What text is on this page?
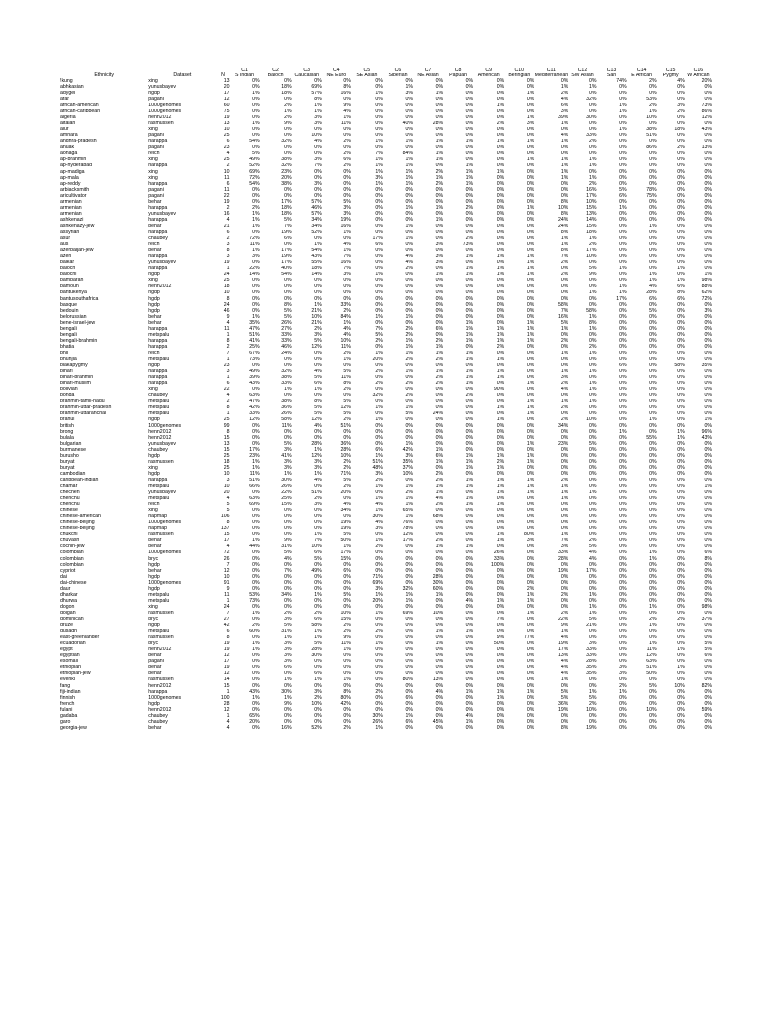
Ethnicity	Dataset	N	C1	C2	C3	C4	C5	C6	C7	C8	C9	C10	C11	C12	C13	C14	C15	C16
			S Indian	Baloch	Caucasian	NE Euro	SE Asian	Siberian	NE Asian	Papuan	American	Beringian	Mediterranean	SW Asian	San	E African	Pygmy	W African
!kung	xing	13	0%	0%	0%	0%	0%	0%	0%	0%	0%	0%	0%	0%	74%	2%	4%	20%
abhkasian	yunusbayev	20	0%	18%	69%	8%	0%	1%	0%	0%	0%	0%	1%	1%	0%	0%	0%	0%
adygei	hgdp	17	1%	18%	57%	16%	1%	3%	1%	0%	0%	1%	2%	0%	0%	0%	0%	0%
afar	pagani	12	0%	0%	8%	0%	0%	0%	0%	0%	0%	0%	4%	32%	0%	53%	0%	0%
african-american	1000genomes	60	0%	2%	1%	9%	0%	0%	0%	0%	1%	0%	6%	0%	1%	2%	3%	73%
african-caribbean	1000genomes	75	0%	1%	1%	4%	0%	0%	0%	0%	0%	0%	3%	0%	1%	1%	2%	86%
algeria	henn2012	19	0%	2%	3%	1%	0%	0%	0%	0%	0%	1%	39%	30%	0%	10%	0%	12%
altaian	rasmussen	13	1%	9%	3%	11%	0%	40%	28%	0%	2%	3%	1%	0%	0%	0%	0%	0%
alur	xing	10	0%	0%	0%	0%	0%	0%	0%	0%	0%	0%	0%	0%	1%	38%	18%	43%
amhara	pagani	25	0%	0%	10%	0%	0%	0%	0%	0%	0%	0%	4%	33%	0%	51%	0%	0%
andhra-pradesh	harappa	6	54%	32%	4%	2%	1%	1%	1%	1%	1%	1%	1%	2%	0%	0%	0%	0%
anuak	pagani	23	0%	0%	0%	0%	0%	0%	0%	0%	0%	0%	0%	0%	0%	86%	2%	13%
aonaga	reich	4	5%	0%	0%	2%	7%	84%	1%	0%	0%	0%	0%	0%	0%	0%	0%	0%
ap-brahmin	xing	25	49%	38%	3%	6%	1%	1%	1%	0%	0%	1%	1%	1%	0%	0%	0%	0%
ap-hyderabad	harappa	2	52%	32%	7%	2%	1%	1%	0%	1%	0%	0%	1%	1%	0%	0%	0%	0%
ap-madiga	xing	10	69%	23%	0%	0%	1%	1%	2%	1%	1%	0%	1%	0%	0%	0%	0%	0%
ap-mala	xing	11	72%	20%	0%	0%	3%	1%	1%	1%	0%	0%	1%	1%	0%	0%	0%	0%
ap-reddy	harappa	6	54%	38%	3%	0%	1%	1%	2%	1%	0%	0%	0%	2%	0%	0%	0%	0%
arbiacksmith	pagani	11	0%	0%	0%	0%	0%	0%	0%	0%	0%	0%	0%	16%	5%	78%	0%	0%
aricultivator	pagani	22	0%	0%	0%	0%	0%	0%	0%	0%	0%	0%	0%	17%	6%	75%	0%	0%
armenian	behar	19	0%	17%	57%	5%	0%	0%	0%	0%	0%	0%	8%	10%	0%	0%	0%	0%
armenian	harappa	2	2%	18%	46%	3%	0%	1%	1%	2%	0%	1%	10%	15%	1%	0%	0%	0%
armenian	yunusbayev	16	1%	18%	57%	3%	0%	0%	0%	0%	0%	0%	8%	13%	0%	0%	0%	0%
ashkenazi	harappa	4	1%	5%	34%	19%	0%	0%	1%	0%	0%	0%	24%	14%	0%	0%	0%	0%
ashkenazy-jew	behar	21	1%	7%	34%	16%	0%	1%	0%	0%	0%	0%	24%	15%	0%	1%	0%	0%
assyrian	harappa	6	0%	19%	52%	1%	0%	0%	0%	0%	0%	0%	8%	18%	0%	0%	0%	0%
asur	chaubey	2	72%	6%	0%	0%	17%	1%	0%	2%	0%	0%	1%	1%	0%	0%	0%	0%
aus	reich	3	11%	0%	1%	4%	6%	0%	3%	73%	0%	0%	1%	2%	0%	0%	0%	0%
azerbaijan-jew	behar	8	1%	17%	54%	1%	0%	0%	0%	0%	0%	0%	8%	17%	0%	0%	0%	0%
azeri	harappa	3	3%	19%	43%	7%	0%	4%	3%	1%	1%	1%	7%	10%	0%	0%	0%	0%
balkar	yunusbayev	19	0%	17%	55%	16%	0%	4%	3%	0%	0%	1%	2%	0%	0%	0%	0%	0%
baloch	harappa	1	22%	40%	18%	7%	0%	2%	0%	1%	1%	1%	0%	5%	1%	0%	1%	0%
balochi	hgdp	24	14%	54%	14%	3%	1%	0%	1%	1%	1%	1%	2%	9%	0%	1%	0%	1%
bambaran	xing	25	0%	0%	0%	0%	0%	0%	0%	0%	0%	0%	0%	0%	0%	1%	1%	98%
bamoun	henn2012	18	0%	0%	0%	0%	0%	0%	0%	0%	0%	0%	0%	0%	1%	4%	6%	88%
bantukenya	hgdp	10	0%	0%	0%	0%	0%	0%	0%	0%	0%	0%	0%	1%	1%	28%	8%	62%
bantusouthafrica	hgdp	8	0%	0%	0%	0%	0%	0%	0%	0%	0%	0%	0%	0%	17%	6%	6%	72%
basque	hgdp	24	0%	8%	1%	33%	0%	0%	0%	0%	0%	0%	58%	0%	0%	0%	0%	0%
bedouin	hgdp	46	0%	5%	21%	2%	0%	0%	0%	0%	0%	0%	7%	58%	0%	5%	0%	3%
belorussian	behar	9	1%	5%	10%	84%	1%	1%	0%	0%	0%	0%	16%	1%	0%	0%	0%	0%
bene-israel-jew	behar	4	35%	26%	21%	1%	0%	0%	0%	1%	0%	1%	5%	8%	0%	0%	0%	0%
bengali	harappa	11	47%	27%	2%	4%	7%	2%	6%	1%	1%	1%	1%	1%	0%	0%	0%	0%
bengali	metspalu	1	51%	33%	3%	4%	5%	2%	0%	1%	1%	1%	0%	0%	0%	0%	0%	0%
bengali-brahmin	harappa	8	41%	33%	5%	10%	2%	1%	2%	1%	1%	1%	2%	0%	0%	0%	0%	0%
bhatia	harappa	2	25%	46%	12%	11%	0%	1%	1%	0%	2%	0%	0%	2%	0%	0%	0%	0%
bhil	reich	7	67%	24%	0%	2%	1%	1%	1%	1%	0%	0%	1%	1%	0%	0%	0%	0%
bhunjia	metspalu	1	73%	0%	0%	1%	20%	2%	2%	1%	1%	0%	0%	0%	0%	0%	0%	0%
biakapygmy	hgdp	23	0%	0%	0%	0%	0%	0%	0%	0%	0%	0%	0%	0%	6%	0%	58%	35%
bihari	harappa	3	49%	32%	4%	5%	2%	1%	1%	1%	1%	0%	1%	1%	0%	0%	0%	0%
bihari-brahmin	harappa	1	39%	38%	5%	11%	0%	0%	2%	1%	1%	0%	3%	0%	0%	0%	0%	0%
bihari-muslim	harappa	6	43%	33%	6%	8%	2%	2%	2%	1%	0%	1%	2%	1%	0%	0%	0%	0%
bolivian	xing	22	0%	1%	1%	2%	0%	0%	0%	0%	90%	0%	4%	1%	0%	0%	0%	0%
bonda	chaubey	4	63%	0%	0%	0%	32%	2%	0%	2%	0%	0%	0%	0%	0%	0%	0%	0%
brahmin-tamil-nadu	metspalu	2	47%	38%	8%	5%	0%	0%	0%	0%	0%	1%	1%	1%	0%	0%	0%	0%
brahmin-uttar-pradesh	metspalu	8	42%	36%	5%	12%	1%	1%	0%	0%	1%	1%	2%	0%	0%	0%	0%	0%
brahmin-uttaranchal	metspalu	1	33%	26%	5%	5%	0%	5%	24%	0%	0%	1%	0%	0%	0%	0%	0%	0%
brahui	hgdp	25	12%	58%	12%	2%	1%	0%	0%	0%	1%	0%	2%	10%	0%	1%	0%	1%
british	1000genomes	99	0%	11%	4%	51%	0%	0%	0%	0%	0%	0%	34%	0%	0%	0%	0%	0%
brong	henn2012	8	0%	0%	0%	0%	0%	0%	0%	0%	0%	0%	0%	0%	1%	0%	1%	96%
bulala	henn2012	15	0%	0%	0%	0%	0%	0%	0%	0%	0%	0%	0%	0%	0%	55%	1%	43%
bulgarian	yunusbayev	13	0%	5%	28%	36%	0%	1%	0%	0%	0%	1%	23%	5%	0%	0%	0%	0%
burmanese	chaubey	15	17%	3%	1%	28%	6%	42%	1%	0%	0%	0%	0%	0%	0%	0%	0%	0%
burusho	hgdp	25	23%	41%	12%	10%	1%	3%	6%	1%	1%	1%	0%	0%	0%	0%	0%	0%
buryat	rasmussen	18	1%	3%	3%	2%	51%	35%	1%	1%	2%	1%	0%	0%	0%	0%	0%	0%
buryat	xing	25	1%	3%	3%	2%	48%	37%	0%	1%	1%	0%	0%	0%	0%	0%	0%	0%
cambodian	hgdp	10	11%	1%	1%	71%	3%	10%	2%	0%	0%	0%	0%	0%	0%	0%	0%	0%
caribbean-indian	harappa	3	51%	30%	4%	5%	2%	0%	2%	1%	1%	1%	2%	0%	0%	0%	0%	0%
chamar	metspalu	10	66%	26%	0%	2%	1%	1%	1%	1%	1%	1%	1%	0%	0%	0%	0%	1%
chechen	yunusbayev	20	0%	22%	51%	20%	0%	2%	1%	0%	1%	1%	1%	1%	0%	0%	0%	0%
chenchu	metspalu	4	63%	25%	2%	0%	1%	1%	4%	1%	0%	0%	1%	0%	0%	0%	0%	0%
chenchu	reich	5	69%	15%	3%	4%	4%	1%	2%	1%	1%	0%	0%	0%	0%	0%	0%	0%
chinese	xing	5	0%	0%	0%	34%	1%	65%	0%	0%	0%	0%	0%	0%	0%	0%	0%	0%
chinese-american	hapmap	106	0%	0%	0%	0%	30%	1%	68%	0%	0%	0%	0%	0%	0%	0%	0%	0%
chinese-beijing	1000genomes	8	0%	0%	0%	19%	4%	76%	0%	0%	0%	0%	0%	0%	0%	0%	0%	0%
chinese-beijing	hapmap	137	0%	0%	0%	19%	3%	78%	0%	0%	0%	0%	0%	0%	0%	0%	0%	0%
chukchi	rasmussen	15	0%	0%	1%	5%	0%	12%	0%	0%	1%	80%	1%	0%	0%	0%	0%	0%
chuvash	behar	17	1%	9%	7%	50%	1%	17%	2%	0%	1%	3%	7%	2%	0%	0%	0%	0%
cochin-jew	behar	4	44%	31%	10%	1%	2%	0%	1%	1%	0%	0%	3%	5%	0%	0%	0%	0%
colombian	1000genomes	72	0%	5%	6%	17%	0%	0%	0%	0%	26%	0%	33%	4%	0%	1%	0%	6%
colombian	bryc	26	0%	4%	5%	15%	0%	0%	0%	0%	33%	0%	28%	4%	0%	1%	0%	8%
colombian	hgdp	7	0%	0%	0%	0%	0%	0%	0%	0%	100%	0%	0%	0%	0%	0%	0%	0%
cypriot	behar	12	0%	7%	49%	6%	0%	0%	0%	0%	0%	0%	19%	17%	0%	0%	0%	0%
dai	hgdp	10	0%	0%	0%	0%	71%	0%	28%	0%	0%	0%	0%	0%	0%	0%	0%	0%
dai-chinese	1000genomes	91	0%	0%	0%	0%	69%	0%	30%	0%	0%	0%	0%	0%	0%	0%	0%	0%
daur	hgdp	9	0%	0%	0%	0%	3%	32%	60%	0%	0%	2%	0%	0%	0%	0%	0%	0%
dharkar	metspalu	11	53%	34%	1%	5%	1%	1%	1%	0%	0%	1%	2%	1%	0%	0%	0%	0%
dhurwa	metspalu	1	73%	0%	0%	0%	20%	1%	0%	4%	1%	1%	0%	0%	0%	0%	0%	0%
dogon	xing	24	0%	0%	0%	0%	0%	0%	0%	0%	0%	0%	0%	1%	0%	1%	0%	98%
dolgan	rasmussen	7	1%	2%	2%	10%	1%	69%	10%	0%	0%	1%	2%	1%	0%	0%	0%	0%
dominican	bryc	27	0%	3%	6%	15%	0%	0%	0%	0%	7%	0%	22%	5%	0%	2%	2%	37%
druze	hgdp	42	2%	5%	58%	2%	0%	0%	0%	0%	0%	0%	9%	21%	0%	1%	0%	0%
dusadh	metspalu	6	60%	31%	1%	2%	2%	0%	1%	1%	0%	0%	1%	0%	0%	0%	0%	0%
east-greenlander	rasmussen	8	0%	1%	1%	9%	0%	0%	0%	0%	9%	77%	4%	0%	0%	0%	0%	0%
ecuadorian	bryc	19	1%	3%	5%	11%	1%	0%	1%	0%	50%	0%	19%	3%	0%	1%	0%	5%
egypt	henn2012	19	1%	3%	28%	1%	0%	0%	0%	0%	0%	0%	17%	33%	0%	11%	1%	5%
egyptian	behar	12	0%	3%	30%	0%	0%	0%	0%	0%	0%	0%	13%	33%	0%	12%	0%	6%
esomali	pagani	17	0%	3%	0%	0%	0%	0%	0%	0%	0%	0%	4%	28%	0%	63%	0%	0%
ethiopian	behar	19	0%	6%	0%	0%	0%	0%	0%	0%	0%	0%	4%	35%	3%	51%	1%	0%
ethiopian-jew	behar	12	0%	0%	6%	0%	0%	0%	0%	0%	0%	0%	4%	35%	3%	50%	0%	0%
evenki	rasmussen	14	0%	1%	1%	1%	0%	80%	13%	0%	0%	0%	1%	0%	0%	0%	0%	0%
fang	henn2012	15	0%	0%	0%	0%	0%	0%	0%	0%	0%	0%	0%	0%	2%	5%	10%	82%
fiji-indian	harappa	1	43%	30%	3%	8%	2%	0%	4%	1%	1%	1%	5%	1%	1%	0%	0%	0%
finnish	1000genomes	100	1%	1%	2%	80%	0%	6%	0%	0%	1%	0%	5%	5%	0%	0%	0%	0%
french	hgdp	28	0%	9%	10%	42%	0%	0%	0%	0%	0%	0%	36%	2%	0%	0%	0%	0%
fulani	henn2012	12	0%	0%	0%	0%	0%	0%	0%	0%	0%	0%	19%	10%	0%	10%	0%	59%
gadaba	chaubey	1	65%	0%	0%	0%	30%	1%	0%	4%	0%	0%	0%	0%	0%	0%	0%	0%
garo	chaubey	4	20%	0%	0%	0%	26%	6%	45%	1%	0%	0%	0%	0%	0%	0%	0%	0%
georgia-jew	behar	4	0%	16%	52%	2%	1%	0%	0%	0%	0%	0%	8%	19%	0%	0%	0%	0%
